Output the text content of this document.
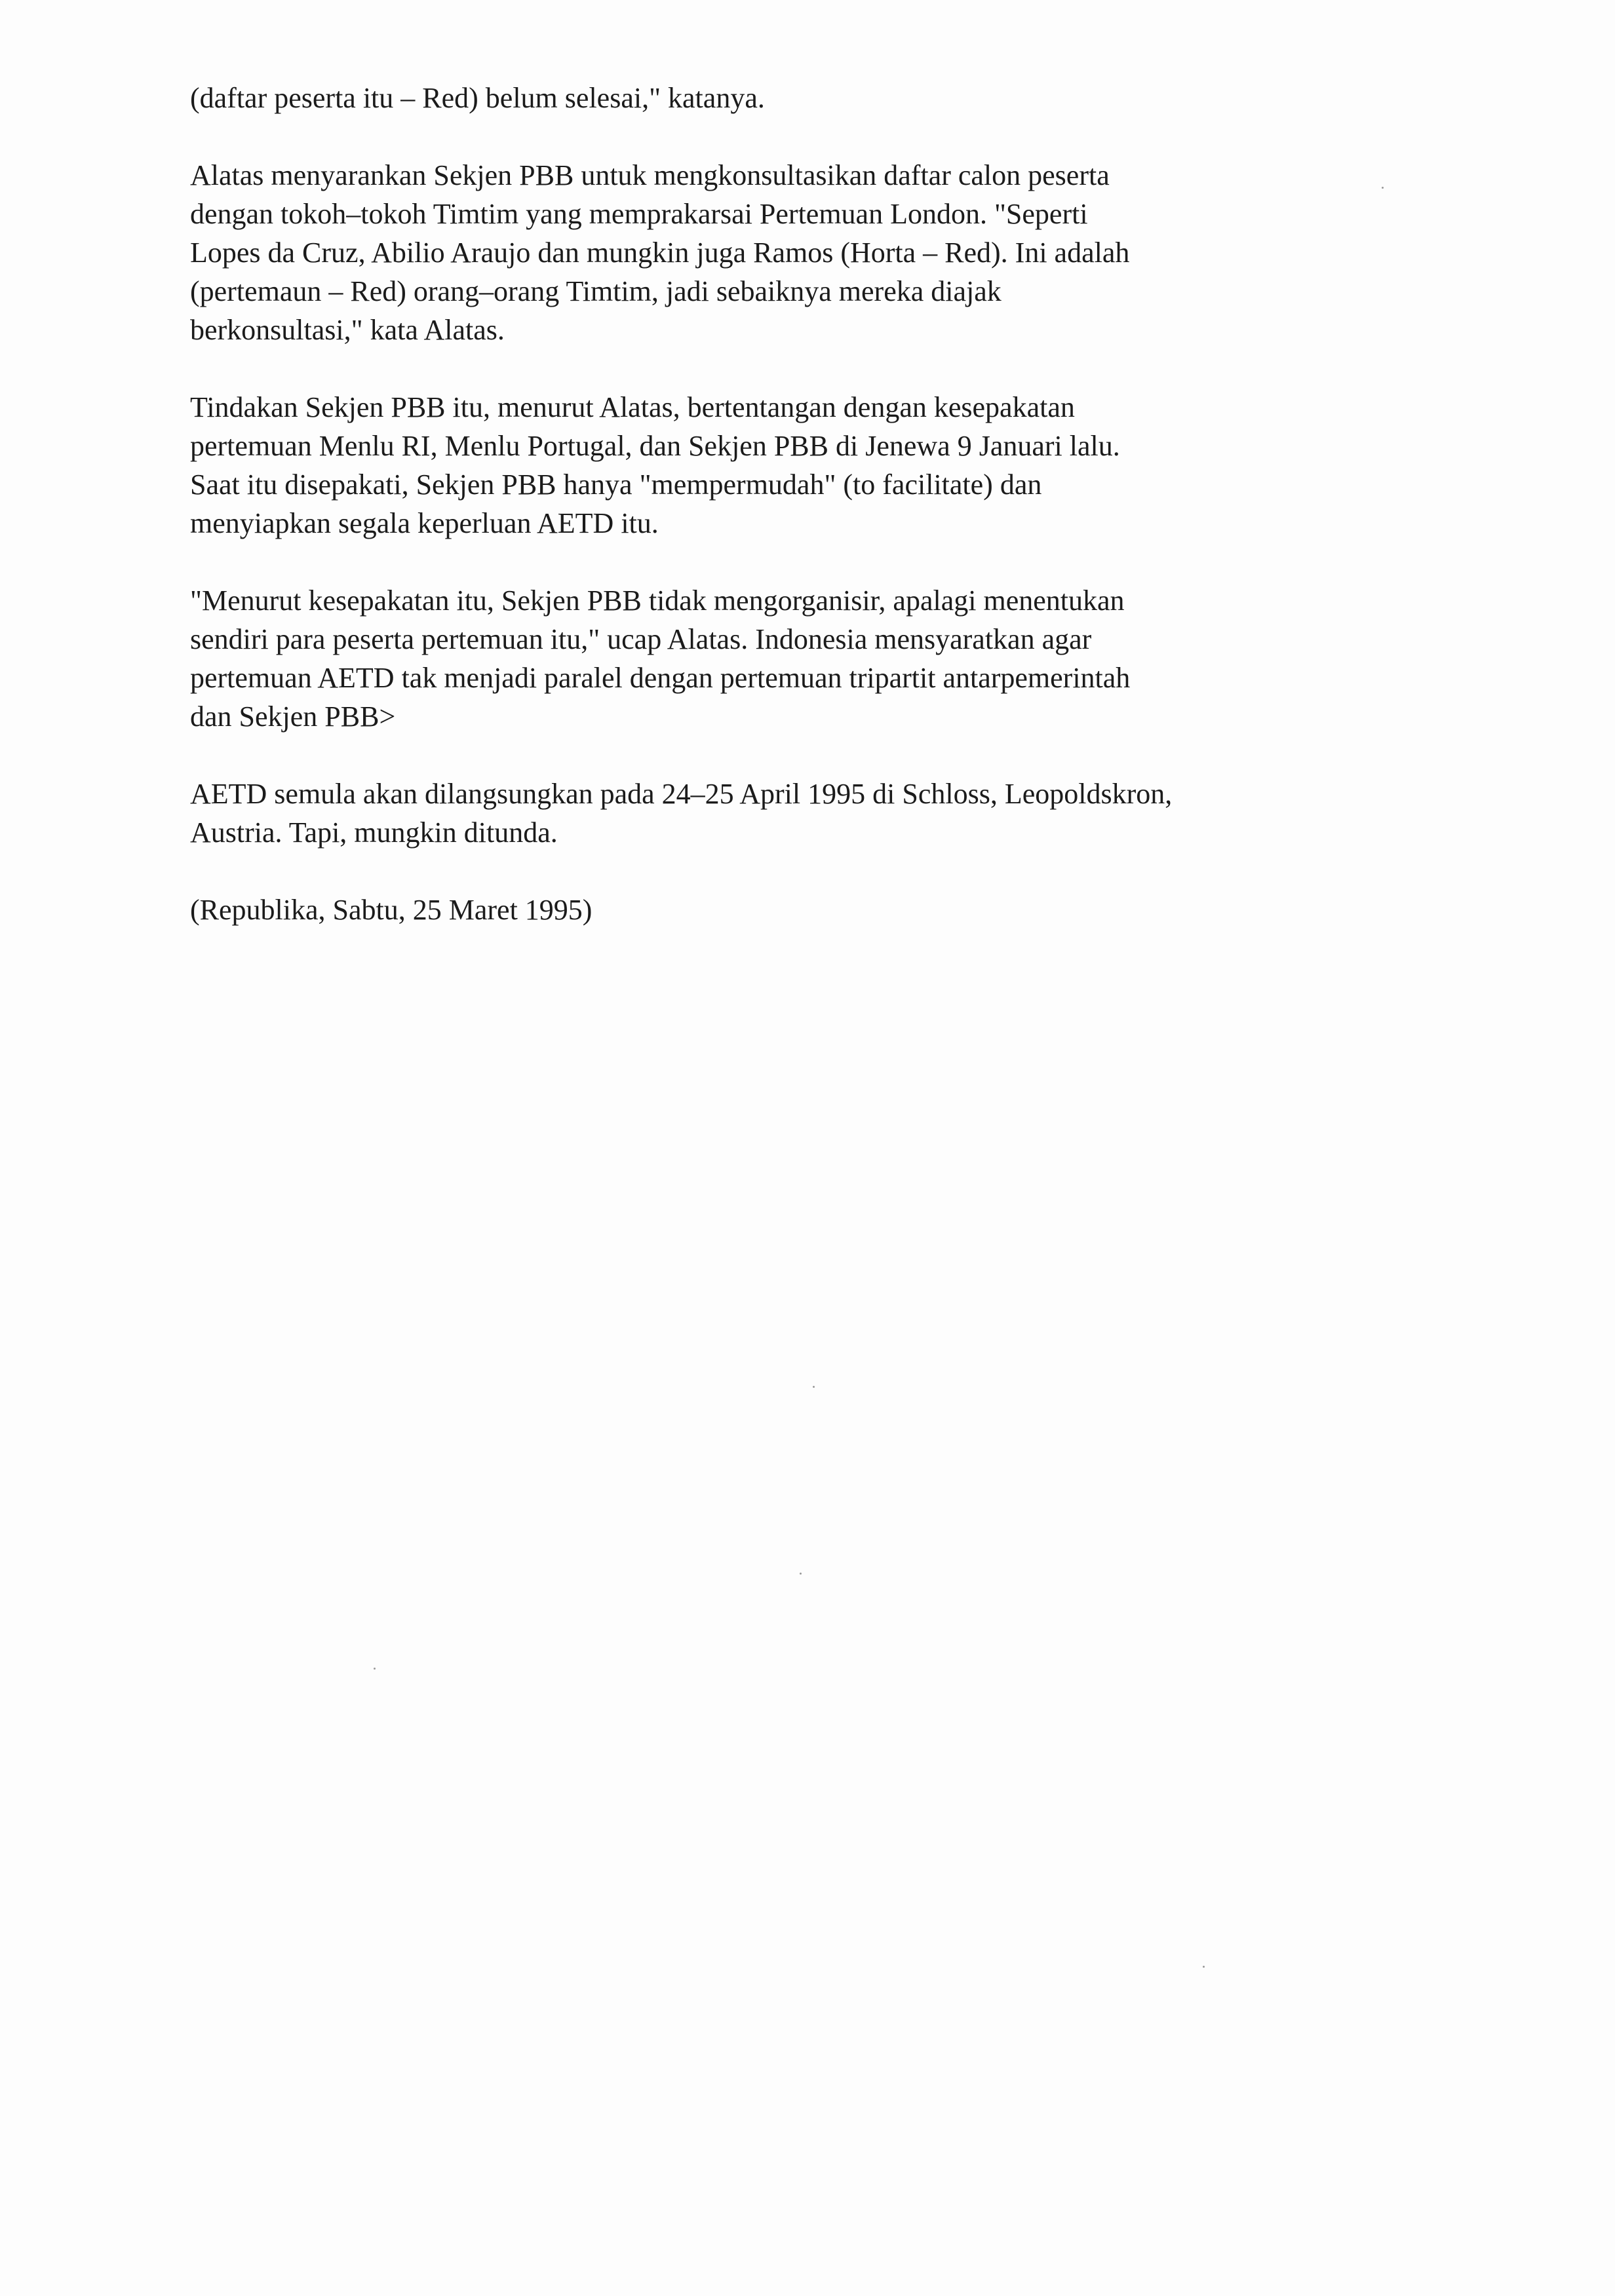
(daftar peserta itu – Red) belum selesai," katanya.

Alatas menyarankan Sekjen PBB untuk mengkonsultasikan daftar calon peserta
dengan tokoh–tokoh Timtim yang memprakarsai Pertemuan London. "Seperti
Lopes da Cruz, Abilio Araujo dan mungkin juga Ramos (Horta – Red). Ini adalah
(pertemaun – Red) orang–orang Timtim, jadi sebaiknya mereka diajak
berkonsultasi," kata Alatas.

Tindakan Sekjen PBB itu, menurut Alatas, bertentangan dengan kesepakatan
pertemuan Menlu RI, Menlu Portugal, dan Sekjen PBB di Jenewa 9 Januari lalu.
Saat itu disepakati, Sekjen PBB hanya "mempermudah" (to facilitate) dan
menyiapkan segala keperluan AETD itu.

"Menurut kesepakatan itu, Sekjen PBB tidak mengorganisir, apalagi menentukan
sendiri para peserta pertemuan itu," ucap Alatas. Indonesia mensyaratkan agar
pertemuan AETD tak menjadi paralel dengan pertemuan tripartit antarpemerintah
dan Sekjen PBB>

AETD semula akan dilangsungkan pada 24–25 April 1995 di Schloss, Leopoldskron,
Austria. Tapi, mungkin ditunda.

(Republika, Sabtu, 25 Maret 1995)
